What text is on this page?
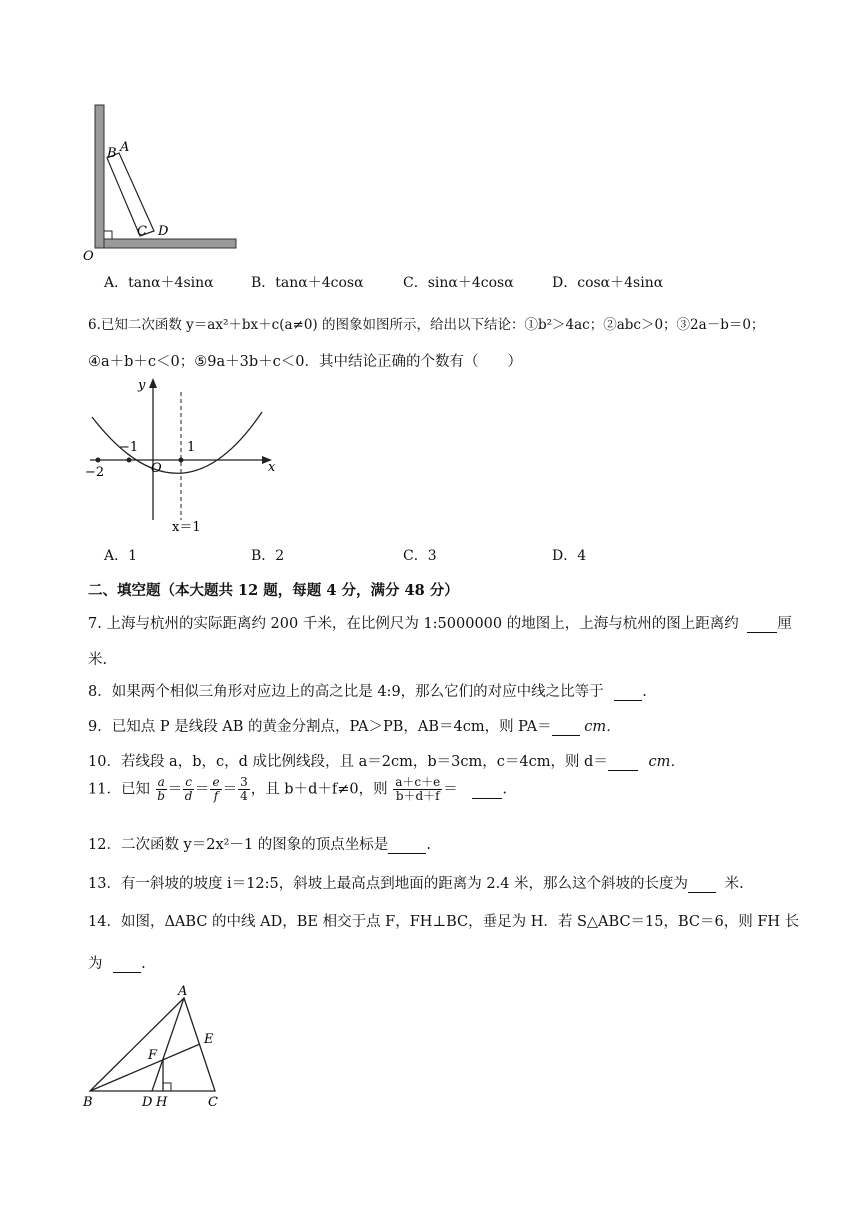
B A
C D
O
A．tanα＋4sinα	B．tanα＋4cosα	C．sinα＋4cosα	D．cosα＋4sinα
6.已知二次函数 y＝ax²＋bx＋c(a≠0) 的图象如图所示，给出以下结论：①b²＞4ac；②abc＞0；③2a－b＝0；
④a＋b＋c＜0；⑤9a＋3b＋c＜0．其中结论正确的个数有（　　）
y
x
O
−1	1
−2
x＝1
A．1	B．2	C．3	D．4
二、填空题（本大题共 12 题，每题 4 分，满分 48 分）
7. 上海与杭州的实际距离约 200 千米，在比例尺为 1:5000000 的地图上，上海与杭州的图上距离约	厘
米.
8．如果两个相似三角形对应边上的高之比是 4:9，那么它们的对应中线之比等于	.
9．已知点 P 是线段 AB 的黄金分割点，PA＞PB，AB＝4cm，则 PA＝ cm．
10．若线段 a，b，c，d 成比例线段，且 a＝2cm，b＝3cm，c＝4cm，则 d＝	cm．
11．已知 $\frac{a}{b} = \frac{c}{d} = \frac{e}{f} = \frac{3}{4}$ ，且 b＋d＋f≠0，则 $\frac{a+c+e}{b+d+f}$ ＝	.
12．二次函数 y＝2x²－1 的图象的顶点坐标是	.
13．有一斜坡的坡度 i＝12:5，斜坡上最高点到地面的距离为 2.4 米，那么这个斜坡的长度为	米.
14．如图，ΔABC 的中线 AD，BE 相交于点 F，FH⊥BC，垂足为 H．若 S△ABC＝15，BC＝6，则 FH 长
为	.
A
B	C
D H
E
F
